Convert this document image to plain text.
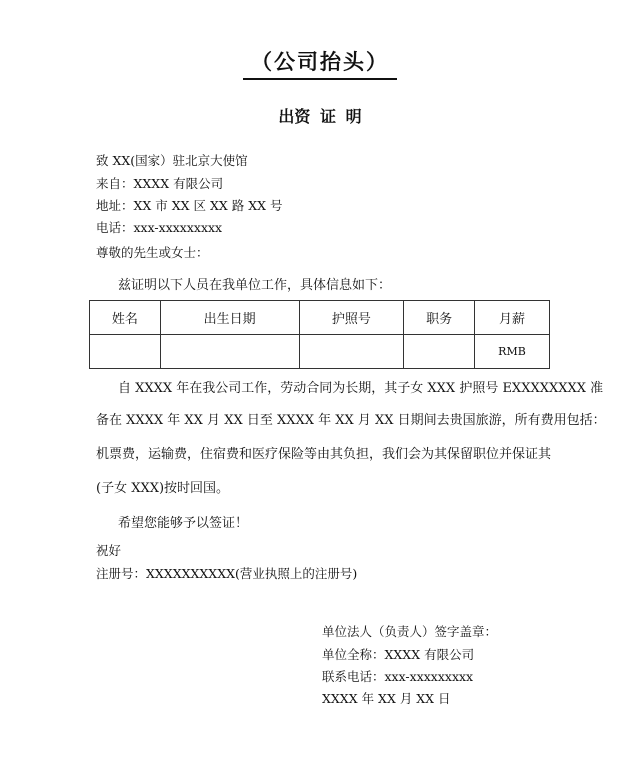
（公司抬头）
出资 证 明
致 XX(国家）驻北京大使馆
来自：XXXX 有限公司
地址：XX 市 XX 区 XX 路 XX 号
电话：xxx-xxxxxxxxx
尊敬的先生或女士：
兹证明以下人员在我单位工作，具体信息如下：
姓名	出生日期	护照号	职务	月薪
				RMB
自 XXXX 年在我公司工作，劳动合同为长期，其子女 XXX 护照号 EXXXXXXXX 准
备在 XXXX 年 XX 月 XX 日至 XXXX 年 XX 月 XX 日期间去贵国旅游，所有费用包括：
机票费，运输费，住宿费和医疗保险等由其负担，我们会为其保留职位并保证其
(子女 XXX)按时回国。
希望您能够予以签证！
祝好
注册号：XXXXXXXXXX(营业执照上的注册号)
单位法人（负责人）签字盖章：
单位全称：XXXX 有限公司
联系电话：xxx-xxxxxxxxx
XXXX 年 XX 月 XX 日
